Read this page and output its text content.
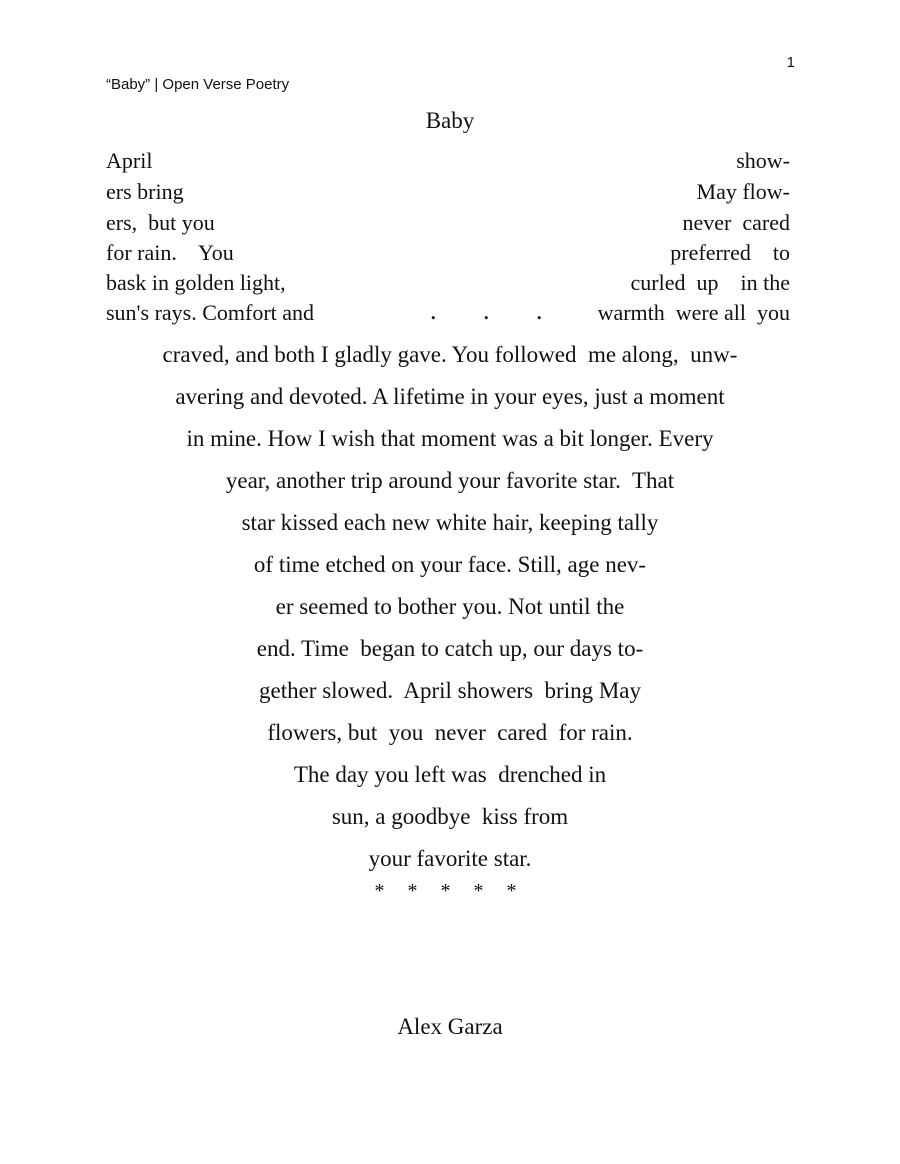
1
“Baby” | Open Verse Poetry
Baby

April

	show-

ers bring

	May flow-

ers,  but you

	never  cared

for rain.    You

	preferred    to

bask in golden light,

	curled  up    in the

sun's rays. Comfort and

	. . .

warmth  were all  you

craved, and both I gladly gave. You followed  me along,  unw-
avering and devoted. A lifetime in your eyes, just a moment
in mine. How I wish that moment was a bit longer. Every
year, another trip around your favorite star.  That
star kissed each new white hair, keeping tally
of time etched on your face. Still, age nev-
er seemed to bother you. Not until the
end. Time  began to catch up, our days to-
gether slowed.  April showers  bring May
flowers, but  you  never  cared  for rain.
The day you left was  drenched in
sun, a goodbye  kiss from
your favorite star.
* * * * *
Alex Garza
